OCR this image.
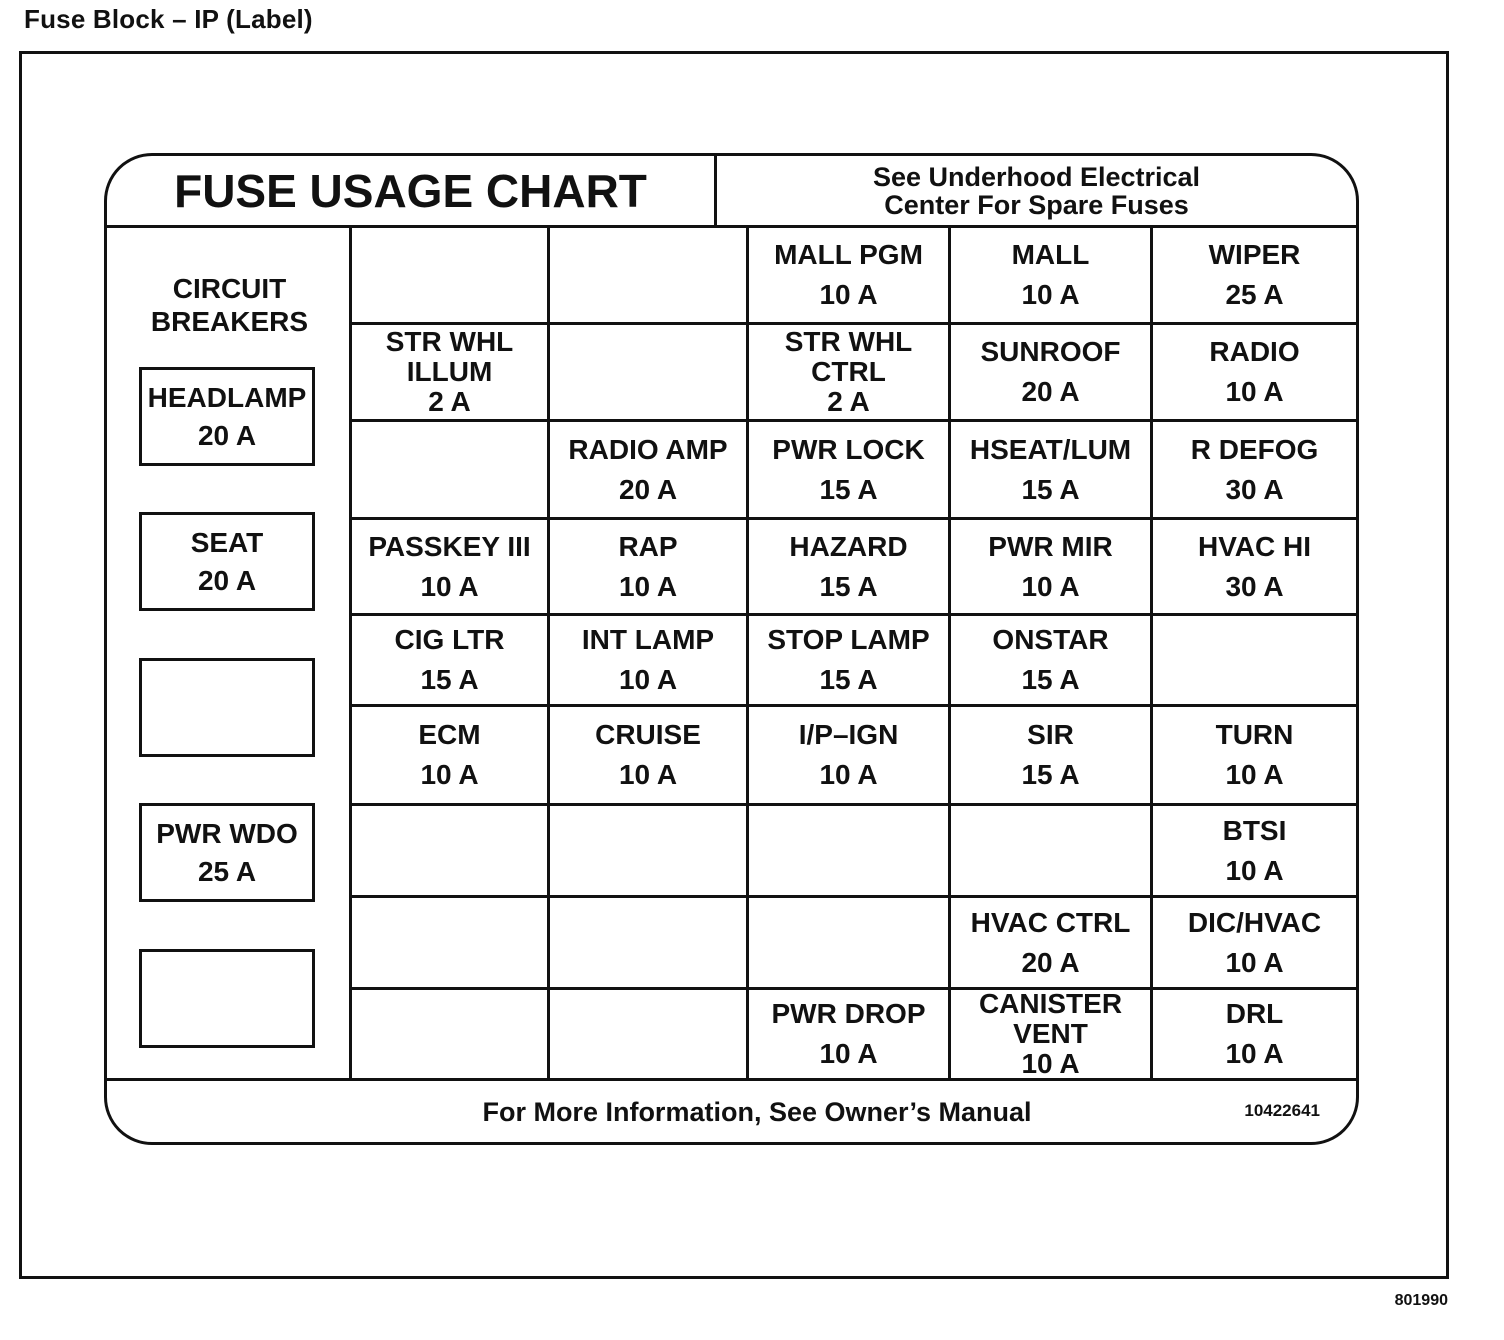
Fuse Block – IP (Label)
FUSE USAGE CHART	See Underhood Electrical
Center For Spare Fuses
CIRCUIT
BREAKERS
HEADLAMP
20 A
SEAT
20 A
PWR WDO
25 A
MALL PGM
10 A
MALL
10 A
WIPER
25 A
STR WHL
ILLUM
2 A
STR WHL
CTRL
2 A
SUNROOF
20 A
RADIO
10 A
RADIO AMP
20 A
PWR LOCK
15 A
HSEAT/LUM
15 A
R DEFOG
30 A
PASSKEY III
10 A
RAP
10 A
HAZARD
15 A
PWR MIR
10 A
HVAC HI
30 A
CIG LTR
15 A
INT LAMP
10 A
STOP LAMP
15 A
ONSTAR
15 A
ECM
10 A
CRUISE
10 A
I/P–IGN
10 A
SIR
15 A
TURN
10 A
BTSI
10 A
HVAC CTRL
20 A
DIC/HVAC
10 A
PWR DROP
10 A
CANISTER
VENT
10 A
DRL
10 A
For More Information, See Owner’s Manual	10422641
801990
